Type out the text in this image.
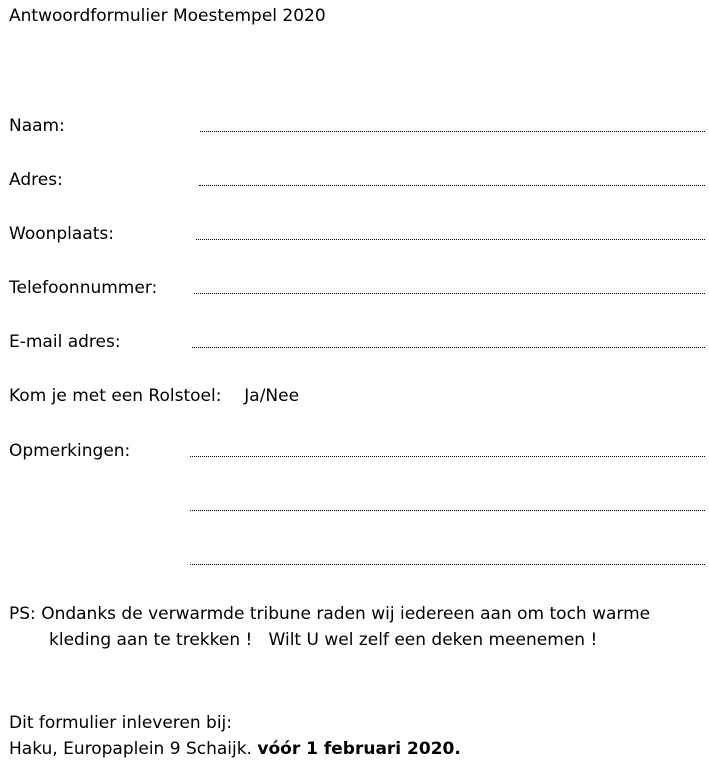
Antwoordformulier Moestempel 2020
Naam:
Adres:
Woonplaats:
Telefoonnummer:
E-mail adres:
Kom je met een Rolstoel: Ja/Nee
Opmerkingen:
PS: Ondanks de verwarmde tribune raden wij iedereen aan om toch warme
kleding aan te trekken !   Wilt U wel zelf een deken meenemen !
Dit formulier inleveren bij:
Haku, Europaplein 9 Schaijk. vóór 1 februari 2020.
